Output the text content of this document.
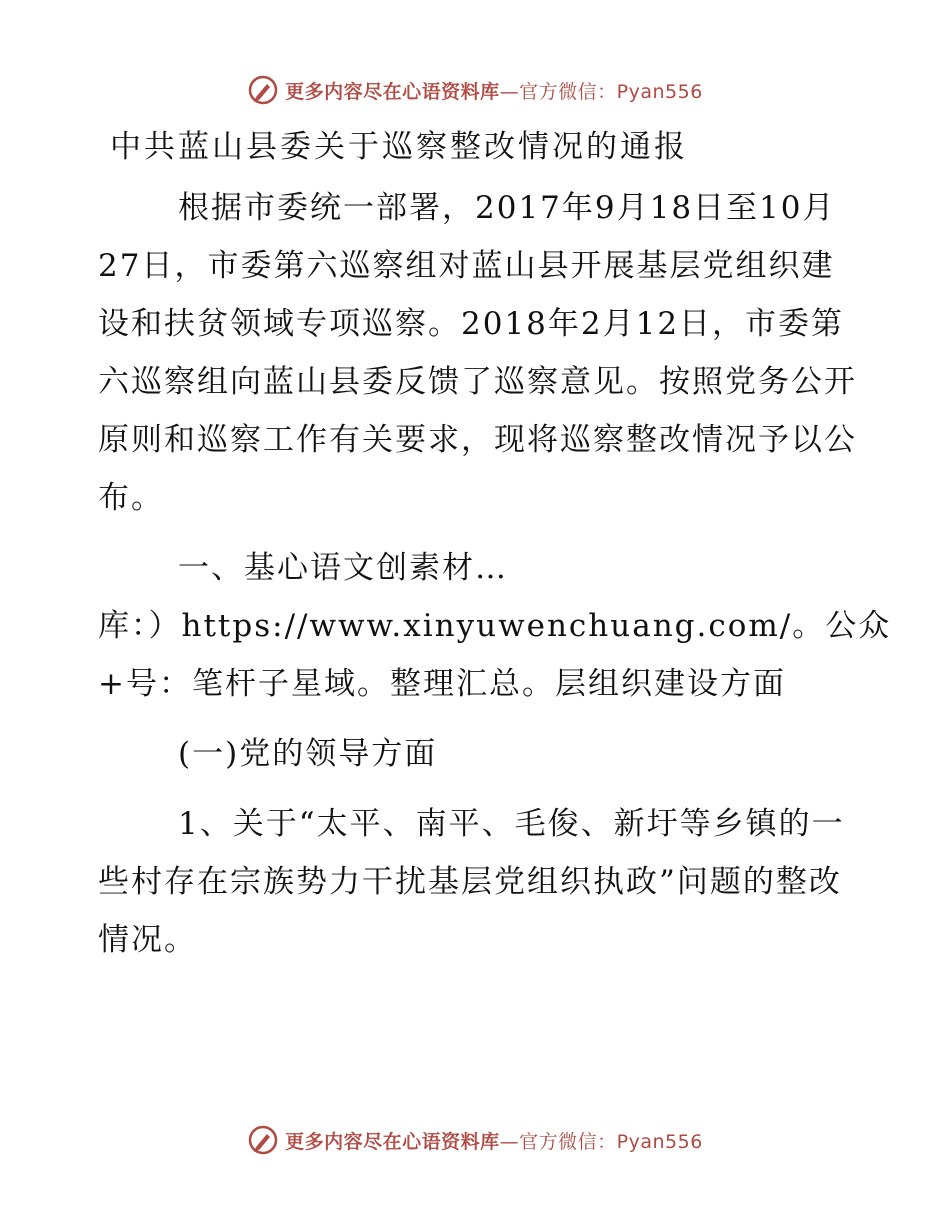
更多内容尽在心语资料库—官方微信：Pyan556
中共蓝山县委关于巡察整改情况的通报

根据市委统一部署，2017年9月18日至10月27日，市委第六巡察组对蓝山县开展基层党组织建设和扶贫领域专项巡察。2018年2月12日，市委第六巡察组向蓝山县委反馈了巡察意见。按照党务公开原则和巡察工作有关要求，现将巡察整改情况予以公布。

一、基心语文创素材…

库：）https://www.xinyuwenchuang.com/。公众

+号：笔杆子星域。整理汇总。层组织建设方面

(一)党的领导方面

1、关于“太平、南平、毛俊、新圩等乡镇的一些村存在宗族势力干扰基层党组织执政”问题的整改情况。

更多内容尽在心语资料库—官方微信：Pyan556
